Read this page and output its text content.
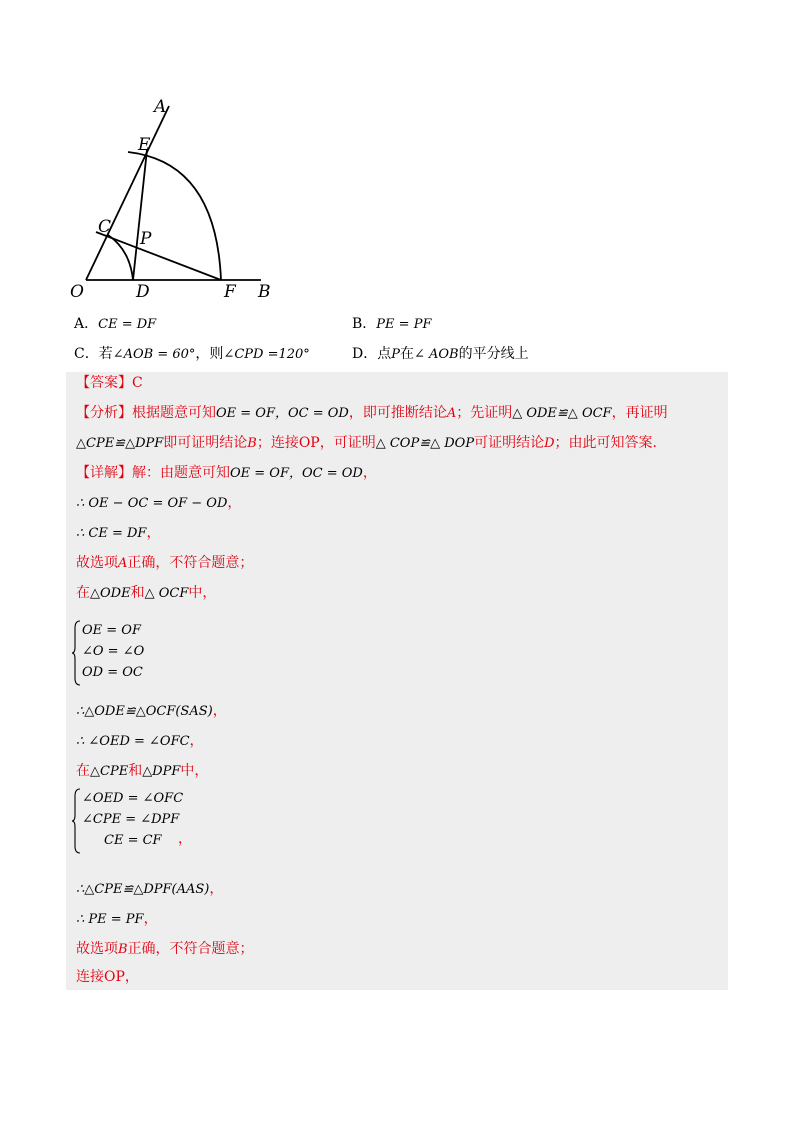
A
E
C
P
O	D	F B
A．CE = DF	B．PE = PF
C．若∠AOB = 60°，则∠CPD =120°	D．点P在∠ AOB的平分线上
【答案】C
【分析】根据题意可知OE = OF，OC = OD，即可推断结论A；先证明△ ODE≌△ OCF，再证明
△CPE≌△DPF即可证明结论B；连接OP，可证明△ COP≌△ DOP可证明结论D；由此可知答案.
【详解】解：由题意可知OE = OF，OC = OD，
∴ OE − OC = OF − OD，
∴ CE = DF，
故选项A正确，不符合题意；
在△ODE和△ OCF中，
OE = OF
∠O = ∠O
OD = OC
∴△ODE≌△OCF(SAS)，
∴ ∠OED = ∠OFC，
在△CPE和△DPF中，
∠OED = ∠OFC
∠CPE = ∠DPF
CE = CF	，
∴△CPE≌△DPF(AAS)，
∴ PE = PF，
故选项B正确，不符合题意；
连接OP，
